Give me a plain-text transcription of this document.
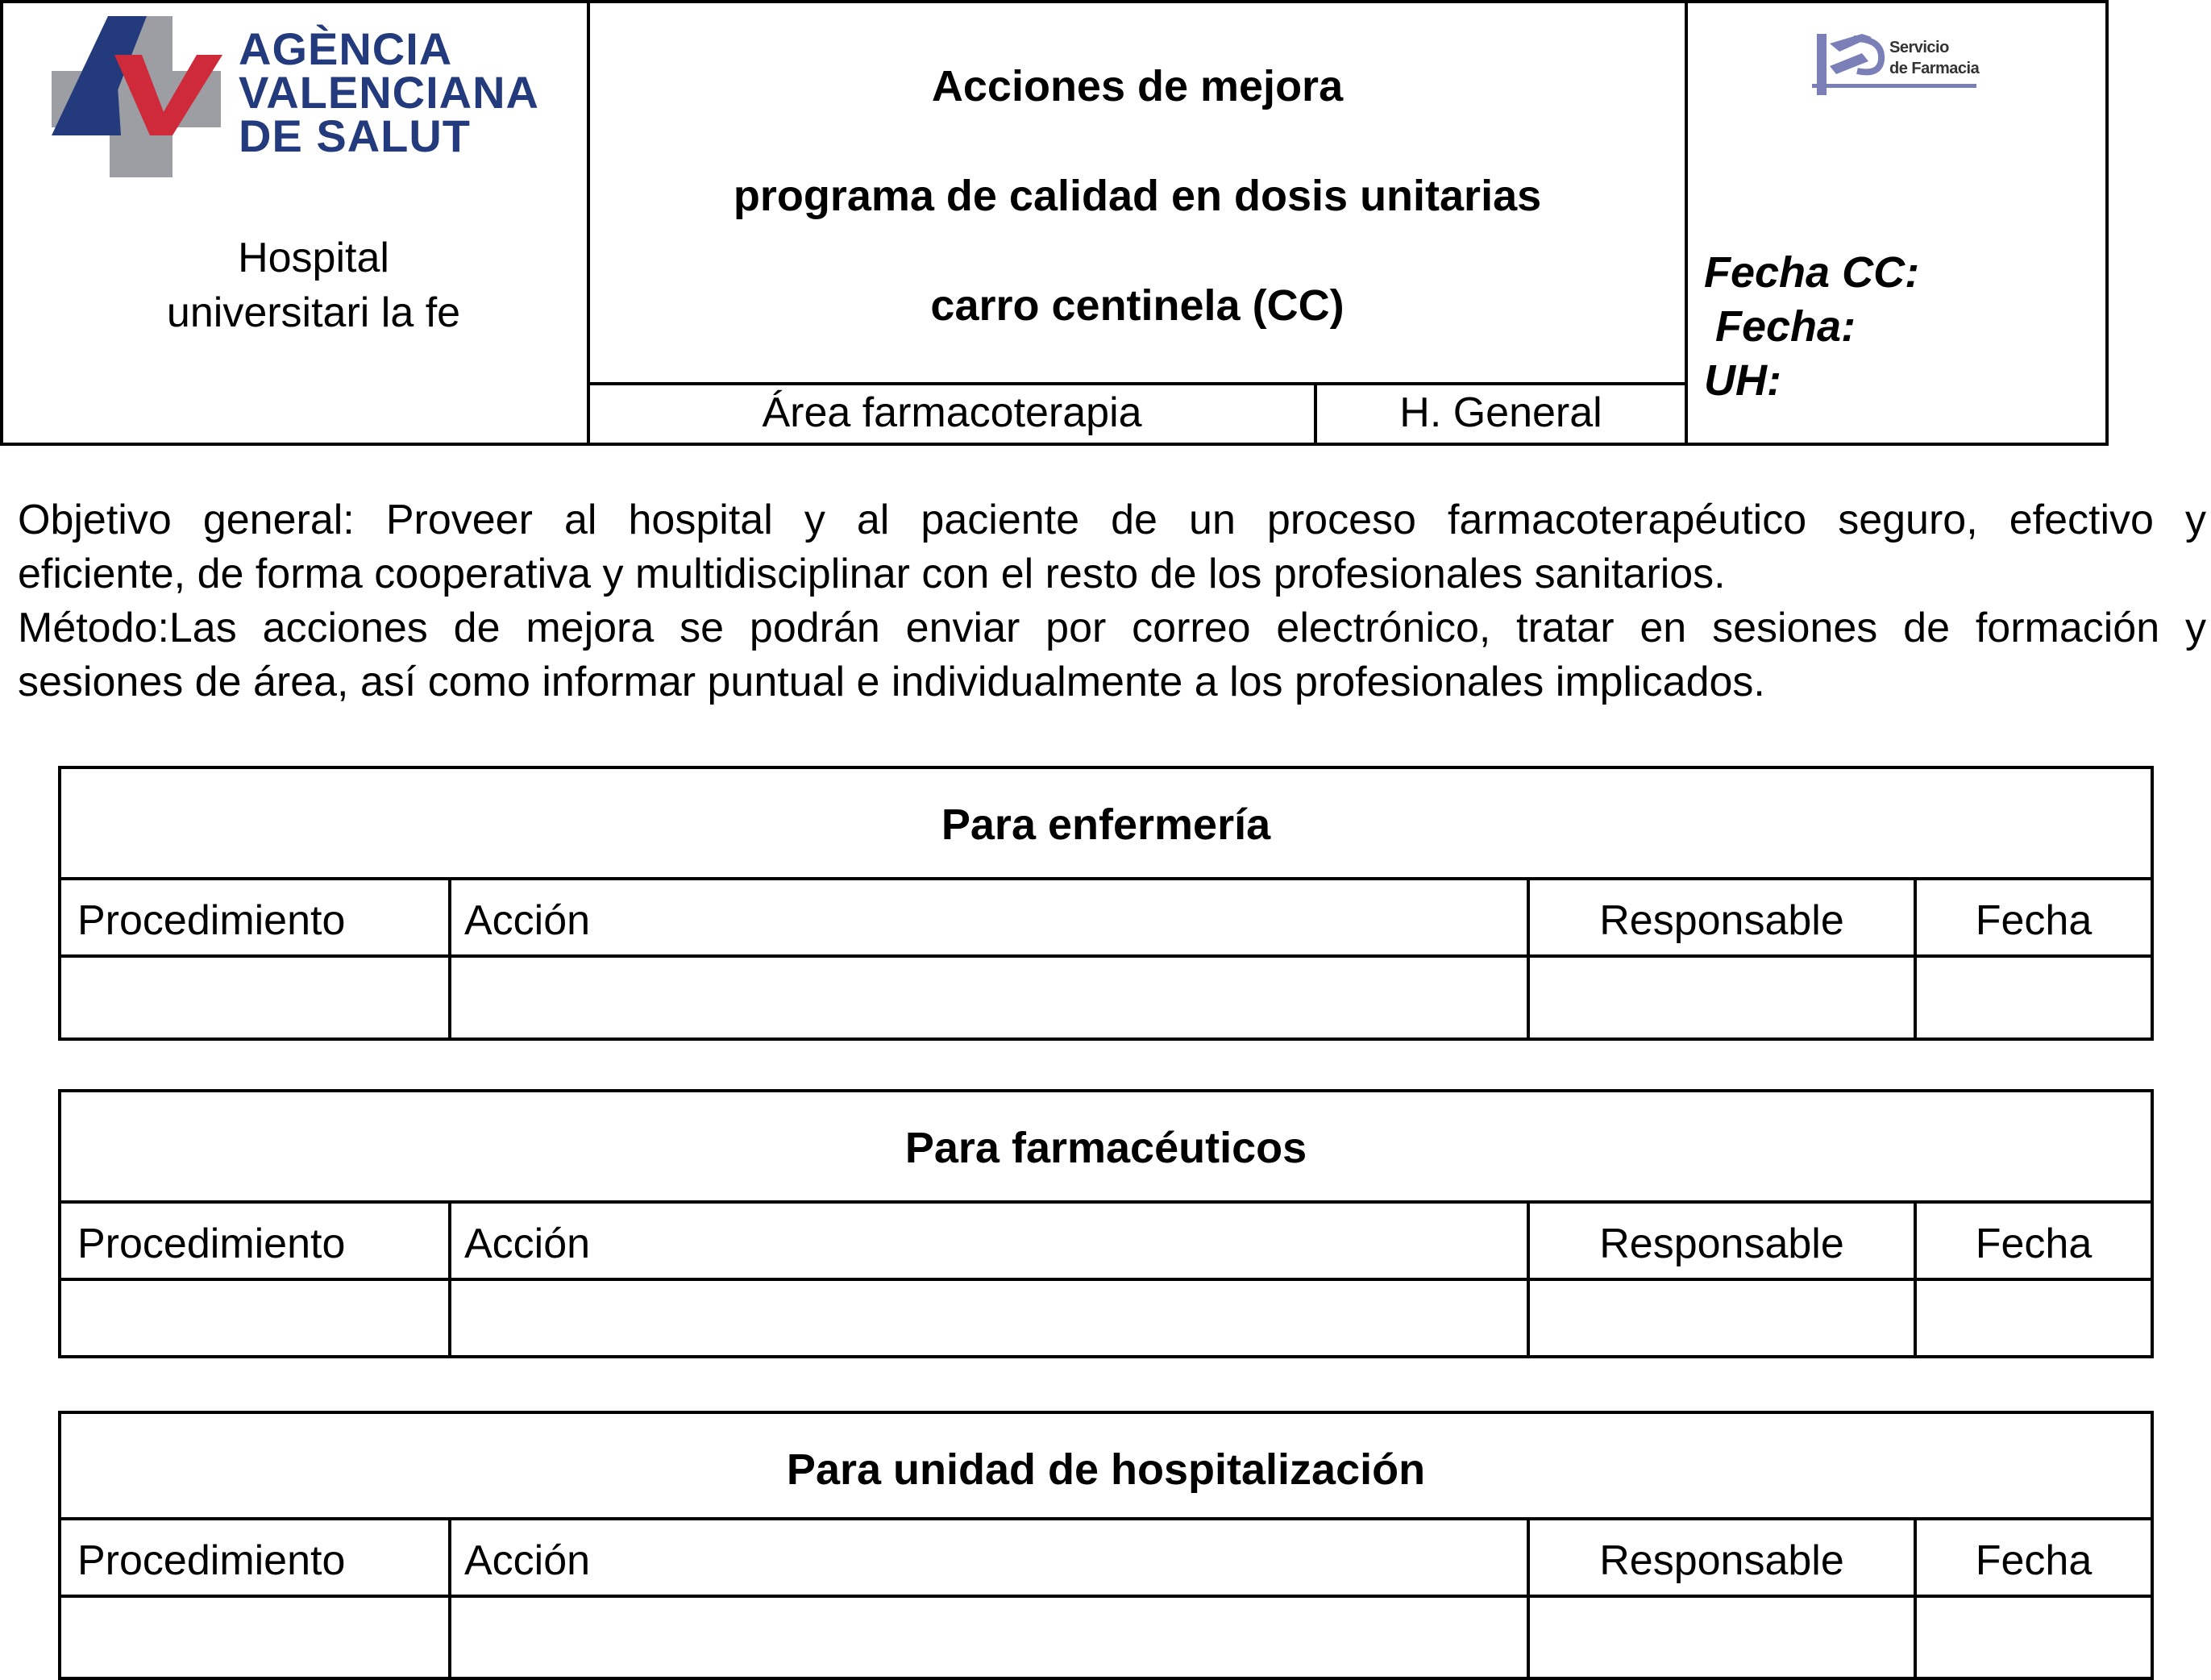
AGÈNCIA
VALENCIANA
DE SALUT
Hospital
universitari la fe
Acciones de mejora
programa de calidad en dosis unitarias
carro centinela (CC)
Área farmacoterapia	H. General
Servicio
de Farmacia
Fecha CC:
Fecha:
UH:
Objetivo general: Proveer al hospital y al paciente de un proceso farmacoterapéutico seguro, efectivo y
eficiente, de forma cooperativa y multidisciplinar con el resto de los profesionales sanitarios.
Método:Las acciones de mejora se podrán enviar por correo electrónico, tratar en sesiones de formación y
sesiones de área, así como informar puntual e individualmente a los profesionales implicados.
Para enfermería
Procedimiento	Acción	Responsable	Fecha
Para farmacéuticos
Procedimiento	Acción	Responsable	Fecha
Para unidad de hospitalización
Procedimiento	Acción	Responsable	Fecha
